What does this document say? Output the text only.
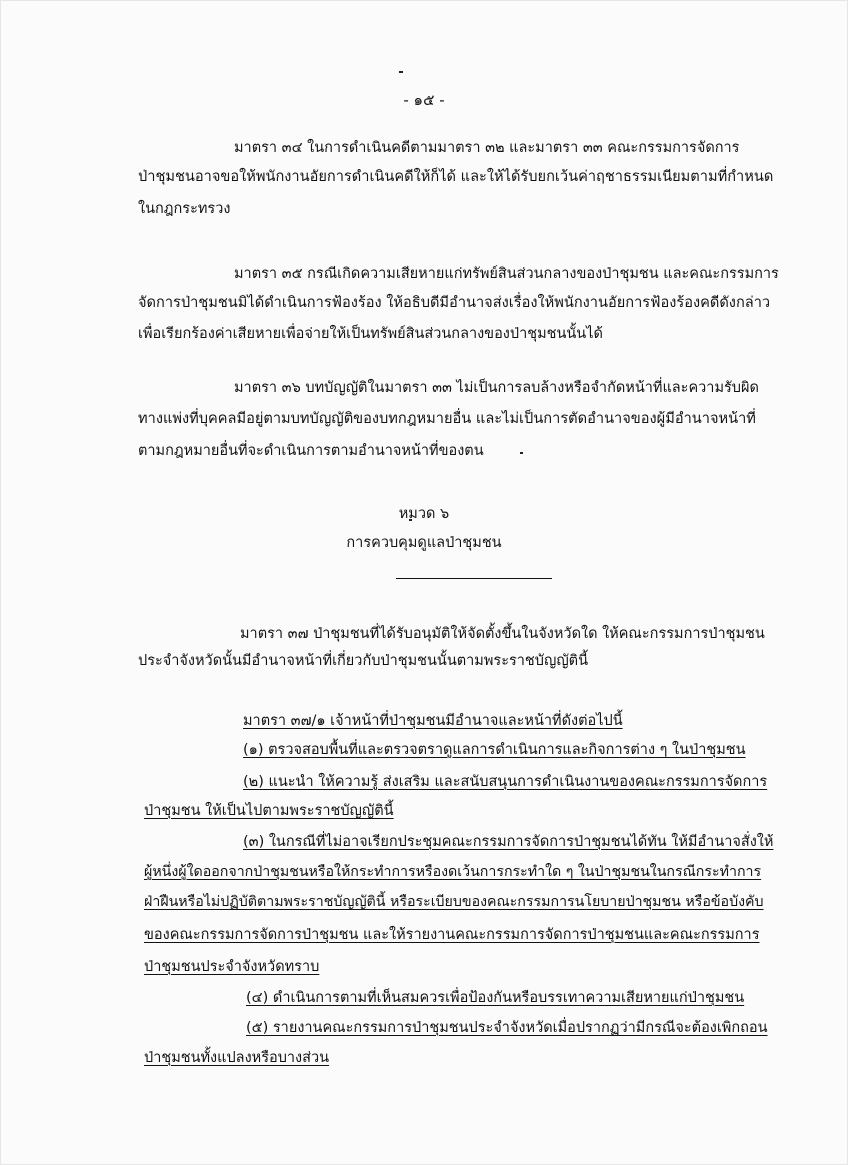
- ๑๕ -
มาตรา ๓๔ ในการดำเนินคดีตามมาตรา ๓๒ และมาตรา ๓๓ คณะกรรมการจัดการ
ป่าชุมชนอาจขอให้พนักงานอัยการดำเนินคดีให้ก็ได้ และให้ได้รับยกเว้นค่าฤชาธรรมเนียมตามที่กำหนด
ในกฎกระทรวง
มาตรา ๓๕ กรณีเกิดความเสียหายแก่ทรัพย์สินส่วนกลางของป่าชุมชน และคณะกรรมการ
จัดการป่าชุมชนมิได้ดำเนินการฟ้องร้อง ให้อธิบดีมีอำนาจส่งเรื่องให้พนักงานอัยการฟ้องร้องคดีดังกล่าว
เพื่อเรียกร้องค่าเสียหายเพื่อจ่ายให้เป็นทรัพย์สินส่วนกลางของป่าชุมชนนั้นได้
มาตรา ๓๖ บทบัญญัติในมาตรา ๓๓ ไม่เป็นการลบล้างหรือจำกัดหน้าที่และความรับผิด
ทางแพ่งที่บุคคลมีอยู่ตามบทบัญญัติของบทกฎหมายอื่น และไม่เป็นการตัดอำนาจของผู้มีอำนาจหน้าที่
ตามกฎหมายอื่นที่จะดำเนินการตามอำนาจหน้าที่ของตน
หมวด ๖
การควบคุมดูแลป่าชุมชน
มาตรา ๓๗ ป่าชุมชนที่ได้รับอนุมัติให้จัดตั้งขึ้นในจังหวัดใด ให้คณะกรรมการป่าชุมชน
ประจำจังหวัดนั้นมีอำนาจหน้าที่เกี่ยวกับป่าชุมชนนั้นตามพระราชบัญญัตินี้
มาตรา ๓๗/๑ เจ้าหน้าที่ป่าชุมชนมีอำนาจและหน้าที่ดังต่อไปนี้
(๑) ตรวจสอบพื้นที่และตรวจตราดูแลการดำเนินการและกิจการต่าง ๆ ในป่าชุมชน
(๒) แนะนำ ให้ความรู้ ส่งเสริม และสนับสนุนการดำเนินงานของคณะกรรมการจัดการ
ป่าชุมชน ให้เป็นไปตามพระราชบัญญัตินี้
(๓) ในกรณีที่ไม่อาจเรียกประชุมคณะกรรมการจัดการป่าชุมชนได้ทัน ให้มีอำนาจสั่งให้
ผู้หนึ่งผู้ใดออกจากป่าชุมชนหรือให้กระทำการหรืองดเว้นการกระทำใด ๆ ในป่าชุมชนในกรณีกระทำการ
ฝ่าฝืนหรือไม่ปฏิบัติตามพระราชบัญญัตินี้ หรือระเบียบของคณะกรรมการนโยบายป่าชุมชน หรือข้อบังคับ
ของคณะกรรมการจัดการป่าชุมชน และให้รายงานคณะกรรมการจัดการป่าชุมชนและคณะกรรมการ
ป่าชุมชนประจำจังหวัดทราบ
(๔) ดำเนินการตามที่เห็นสมควรเพื่อป้องกันหรือบรรเทาความเสียหายแก่ป่าชุมชน
(๕) รายงานคณะกรรมการป่าชุมชนประจำจังหวัดเมื่อปรากฏว่ามีกรณีจะต้องเพิกถอน
ป่าชุมชนทั้งแปลงหรือบางส่วน
